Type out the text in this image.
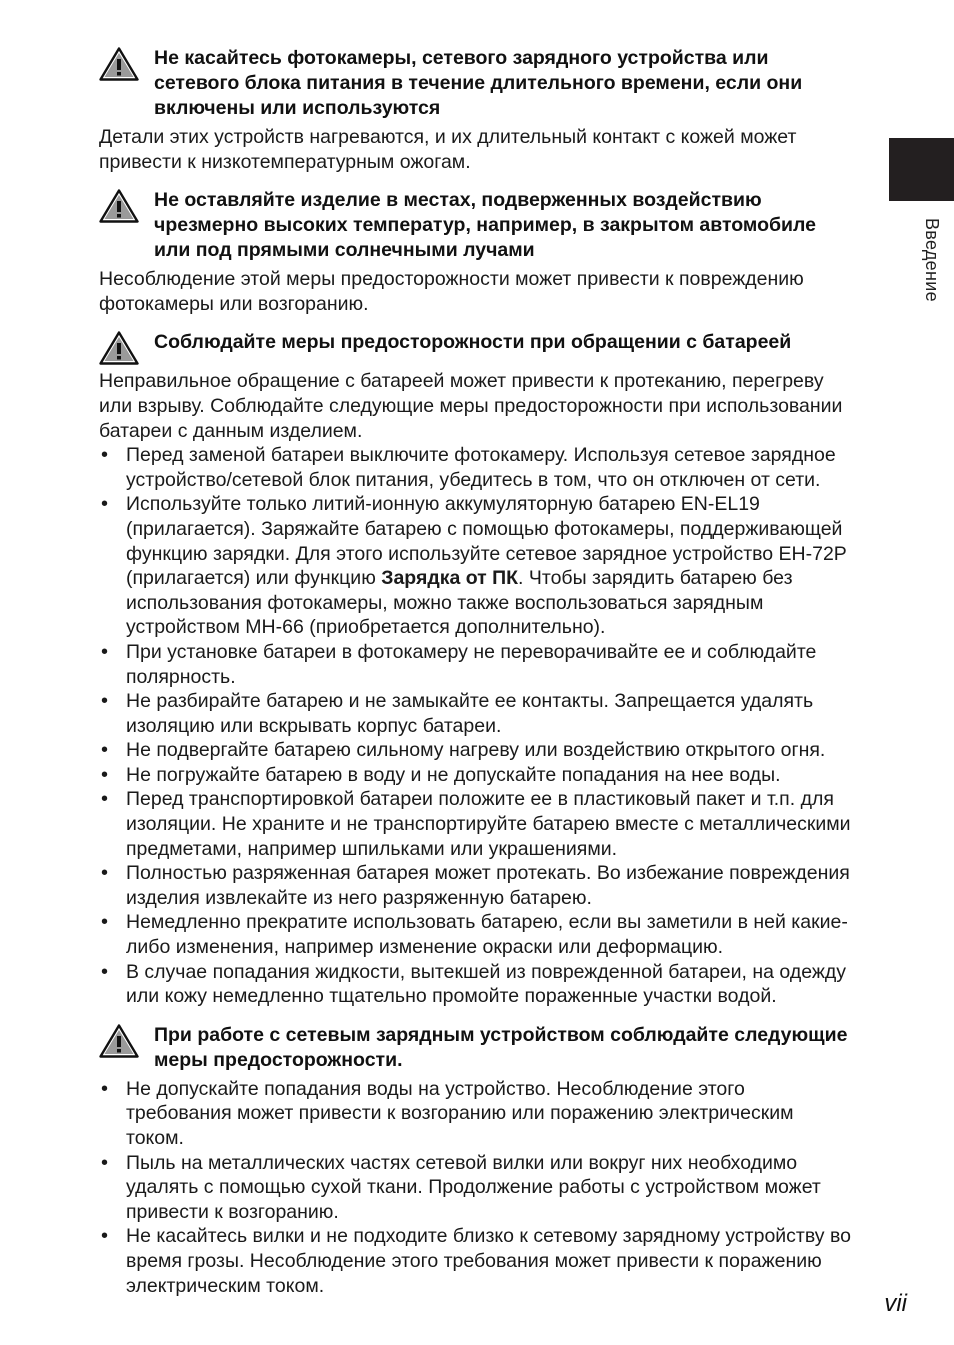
Введение
Не касайтесь фотокамеры, сетевого зарядного устройства или сетевого блока питания в течение длительного времени, если они включены или используются

Детали этих устройств нагреваются, и их длительный контакт с кожей может привести к низкотемпературным ожогам.

Не оставляйте изделие в местах, подверженных воздействию чрезмерно высоких температур, например, в закрытом автомобиле или под прямыми солнечными лучами

Несоблюдение этой меры предосторожности может привести к повреждению фотокамеры или возгоранию.

Соблюдайте меры предосторожности при обращении с батареей

Неправильное обращение с батареей может привести к протеканию, перегреву или взрыву. Соблюдайте следующие меры предосторожности при использовании батареи с данным изделием.

• Перед заменой батареи выключите фотокамеру. Используя сетевое зарядное устройство/сетевой блок питания, убедитесь в том, что он отключен от сети.
• Используйте только литий-ионную аккумуляторную батарею EN-EL19 (прилагается). Заряжайте батарею с помощью фотокамеры, поддерживающей функцию зарядки. Для этого используйте сетевое зарядное устройство EH-72P (прилагается) или функцию Зарядка от ПК. Чтобы зарядить батарею без использования фотокамеры, можно также воспользоваться зарядным устройством MH-66 (приобретается дополнительно).
• При установке батареи в фотокамеру не переворачивайте ее и соблюдайте полярность.
• Не разбирайте батарею и не замыкайте ее контакты. Запрещается удалять изоляцию или вскрывать корпус батареи.
• Не подвергайте батарею сильному нагреву или воздействию открытого огня.
• Не погружайте батарею в воду и не допускайте попадания на нее воды.
• Перед транспортировкой батареи положите ее в пластиковый пакет и т.п. для изоляции. Не храните и не транспортируйте батарею вместе с металлическими предметами, например шпильками или украшениями.
• Полностью разряженная батарея может протекать. Во избежание повреждения изделия извлекайте из него разряженную батарею.
• Немедленно прекратите использовать батарею, если вы заметили в ней какие-либо изменения, например изменение окраски или деформацию.
• В случае попадания жидкости, вытекшей из поврежденной батареи, на одежду или кожу немедленно тщательно промойте пораженные участки водой.
При работе с сетевым зарядным устройством соблюдайте следующие меры предосторожности.
• Не допускайте попадания воды на устройство. Несоблюдение этого требования может привести к возгоранию или поражению электрическим током.
• Пыль на металлических частях сетевой вилки или вокруг них необходимо удалять с помощью сухой ткани. Продолжение работы с устройством может привести к возгоранию.
• Не касайтесь вилки и не подходите близко к сетевому зарядному устройству во время грозы. Несоблюдение этого требования может привести к поражению электрическим током.
vii
